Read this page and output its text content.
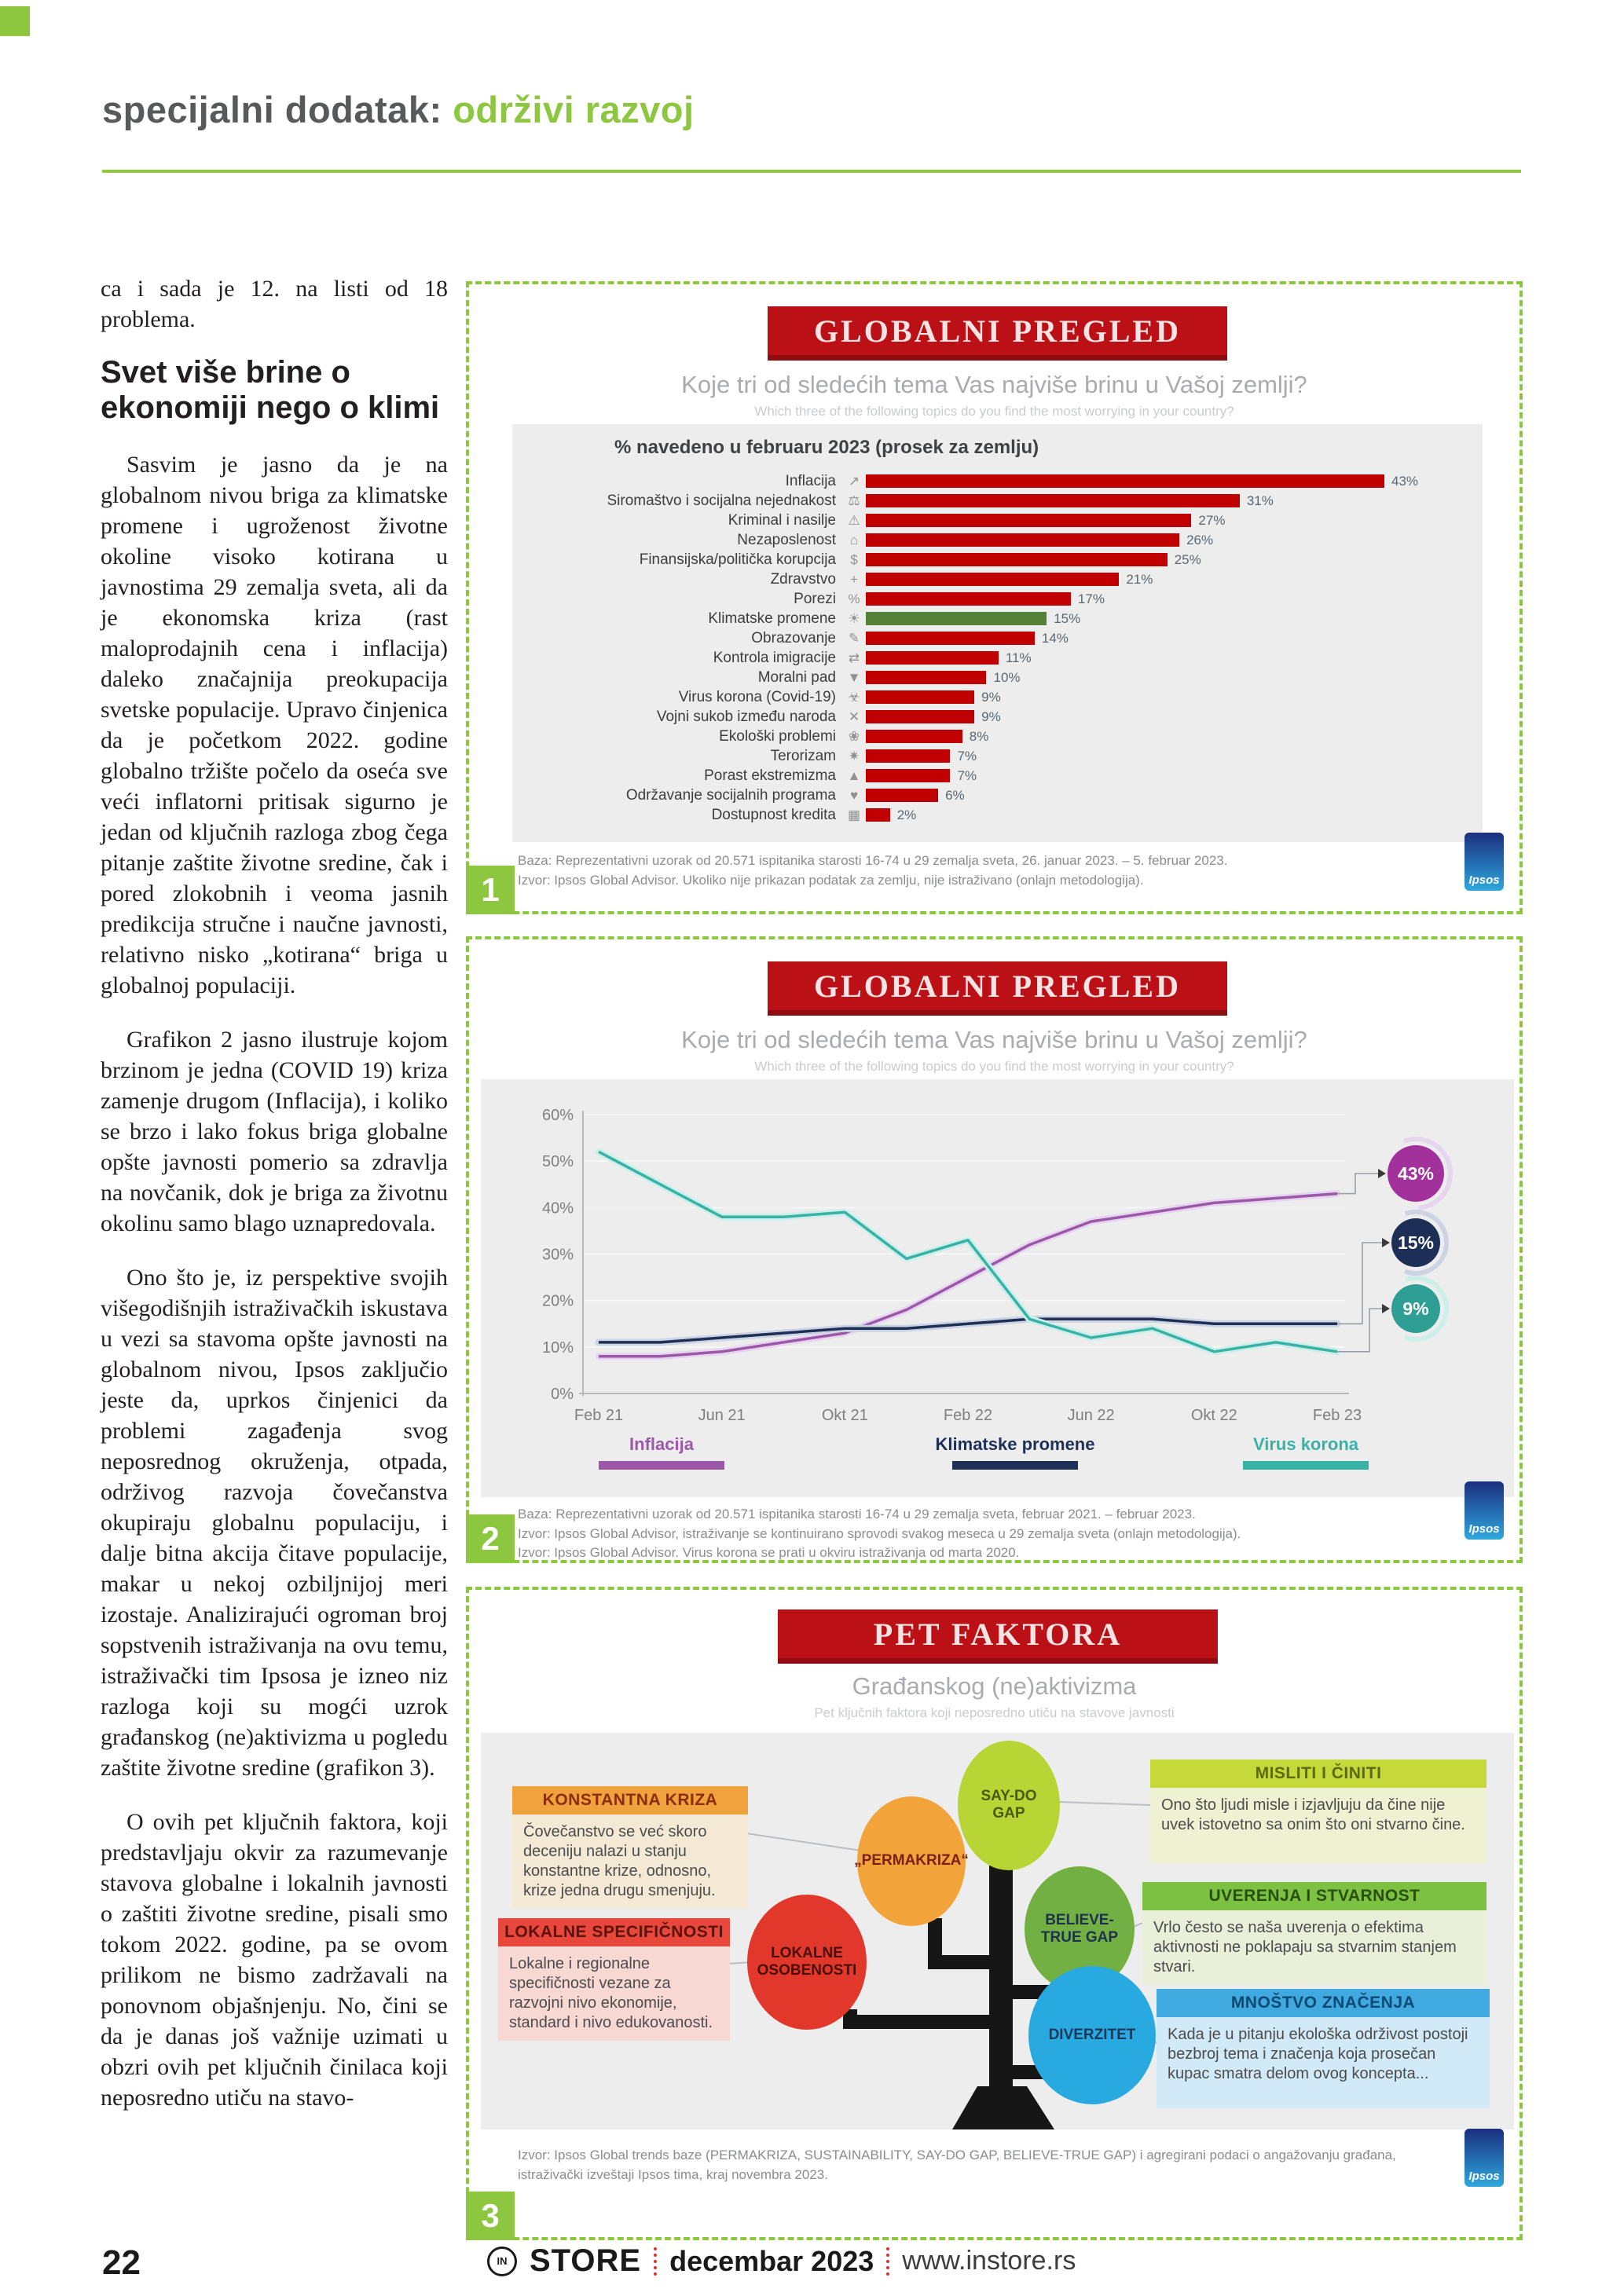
specijalni dodatak: održivi razvoj

ca i sada je 12. na listi od 18 problema.

Svet više brine o ekonomiji nego o klimi

Sasvim je jasno da je na globalnom nivou briga za klimatske promene i ugroženost životne okoline visoko kotirana u javnostima 29 zemalja sveta, ali da je ekonomska kriza (rast maloprodajnih cena i inflacija) daleko značajnija preokupacija svetske populacije. Upravo činjenica da je početkom 2022. godine globalno tržište počelo da oseća sve veći inflatorni pritisak sigurno je jedan od ključnih razloga zbog čega pitanje zaštite životne sredine, čak i pored zlokobnih i veoma jasnih predikcija stručne i naučne javnosti, relativno nisko „kotirana“ briga u globalnoj populaciji.

Grafikon 2 jasno ilustruje kojom brzinom je jedna (COVID 19) kriza zamenje drugom (Inflacija), i koliko se brzo i lako fokus briga globalne opšte javnosti pomerio sa zdravlja na novčanik, dok je briga za životnu okolinu samo blago uznapredovala.

Ono što je, iz perspektive svojih višegodišnjih istraživačkih iskustava u vezi sa stavoma opšte javnosti na globalnom nivou, Ipsos zaključio jeste da, uprkos činjenici da problemi zagađenja svog neposrednog okruženja, otpada, održivog razvoja čovečanstva okupiraju globalnu populaciju, i dalje bitna akcija čitave populacije, makar u nekoj ozbiljnijoj meri izostaje. Analizirajući ogroman broj sopstvenih istraživanja na ovu temu, istraživački tim Ipsosa je izneo niz razloga koji su mogći uzrok građanskog (ne)aktivizma u pogledu zaštite životne sredine (grafikon 3).

O ovih pet ključnih faktora, koji predstavljaju okvir za razumevanje stavova globalne i lokalnih javnosti o zaštiti životne sredine, pisali smo tokom 2022. godine, pa se ovom prilikom ne bismo zadržavali na ponovnom objašnjenju. No, čini se da je danas još važnije uzimati u obzri ovih pet ključnih činilaca koji neposredno utiču na stavo-

GLOBALNI PREGLED
Koje tri od sledećih tema Vas najviše brinu u Vašoj zemlji?
Which three of the following topics do you find the most worrying in your country?
% navedeno u februaru 2023 (prosek za zemlju)
Inflacija ↗	43%
Siromaštvo i socijalna nejednakost ⚖	31%
Kriminal i nasilje ⚠	27%
Nezaposlenost	⌂	26%
Finansijska/politička korupcija	$	25%
Zdravstvo	+	21%
Porezi %	17%
Klimatske promene ☀	15%
Obrazovanje ✎	14%
Kontrola imigracije ⇄	11%
Moralni pad ▼	10%
Virus korona (Covid-19) ☣	9%
Vojni sukob između naroda ✕	9%
Ekološki problemi ❀	8%
Terorizam ✷	7%
Porast ekstremizma ▲	7%
Održavanje socijalnih programa	♥	6%
Dostupnost kredita ▦	2%
Baza: Reprezentativni uzorak od 20.571 ispitanika starosti 16-74 u 29 zemalja sveta, 26. januar 2023. – 5. februar 2023.
Izvor: Ipsos Global Advisor. Ukoliko nije prikazan podatak za zemlju, nije istraživano (onlajn metodologija).
1	Ipsos
GLOBALNI PREGLED
Koje tri od sledećih tema Vas najviše brinu u Vašoj zemlji?
Which three of the following topics do you find the most worrying in your country?
0%
10%
20%
30%
40%
50%
60%
Feb 21	Jun 21	Okt 21	Feb 22	Jun 22	Okt 22	Feb 23
43%
15%
9%
Inflacija	Klimatske promene	Virus korona
Baza: Reprezentativni uzorak od 20.571 ispitanika starosti 16-74 u 29 zemalja sveta, februar 2021. – februar 2023.
Izvor: Ipsos Global Advisor, istraživanje se kontinuirano sprovodi svakog meseca u 29 zemalja sveta (onlajn metodologija).
Izvor: Ipsos Global Advisor. Virus korona se prati u okviru istraživanja od marta 2020.
2	Ipsos
PET FAKTORA
Građanskog (ne)aktivizma
Pet ključnih faktora koji neposredno utiču na stavove javnosti
SAY-DO GAP
„PERMAKRIZA“
LOKALNE OSOBENOSTI
BELIEVE-TRUE GAP
DIVERZITET
KONSTANTNA KRIZA
Čovečanstvo se već skoro deceniju nalazi u stanju konstantne krize, odnosno, krize jedna drugu smenjuju.
LOKALNE SPECIFIČNOSTI
Lokalne i regionalne specifičnosti vezane za razvojni nivo ekonomije, standard i nivo edukovanosti.
MISLITI I ČINITI
Ono što ljudi misle i izjavljuju da čine nije uvek istovetno sa onim što oni stvarno čine.
UVERENJA I STVARNOST
Vrlo često se naša uverenja o efektima aktivnosti ne poklapaju sa stvarnim stanjem stvari.
MNOŠTVO ZNAČENJA
Kada je u pitanju ekološka održivost postoji bezbroj tema i značenja koja prosečan kupac smatra delom ovog koncepta...
Izvor: Ipsos Global trends baze (PERMAKRIZA, SUSTAINABILITY, SAY-DO GAP, BELIEVE-TRUE GAP) i agregirani podaci o angažovanju građana, istraživački izveštaji Ipsos tima, kraj novembra 2023.
3
Ipsos
22	IN STORE decembar 2023 www.instore.rs
